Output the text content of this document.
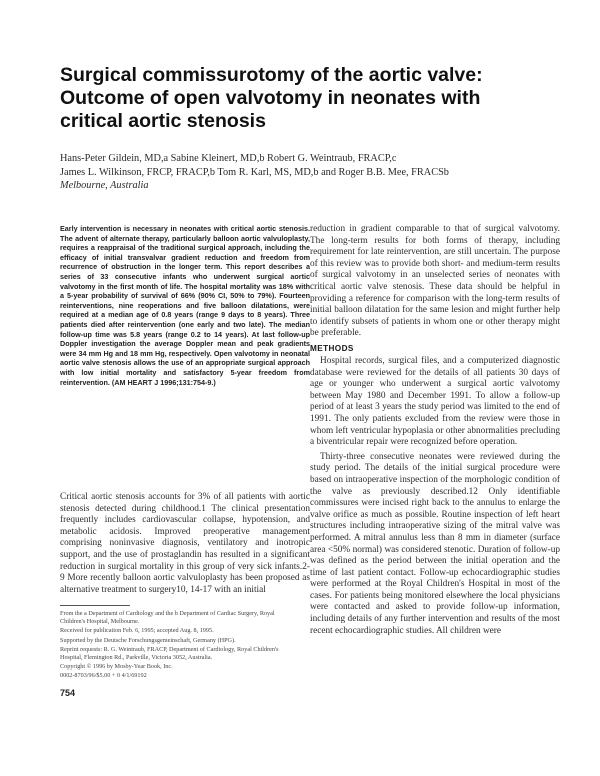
Surgical commissurotomy of the aortic valve:
Outcome of open valvotomy in neonates with
critical aortic stenosis
Hans-Peter Gildein, MD,a Sabine Kleinert, MD,b Robert G. Weintraub, FRACP,c
James L. Wilkinson, FRCP, FRACP,b Tom R. Karl, MS, MD,b and Roger B.B. Mee, FRACSb
Melbourne, Australia
Early intervention is necessary in neonates with critical aortic stenosis. The advent of alternate therapy, particularly balloon aortic valvuloplasty, requires a reappraisal of the traditional surgical approach, including the efficacy of initial transvalvar gradient reduction and freedom from recurrence of obstruction in the longer term. This report describes a series of 33 consecutive infants who underwent surgical aortic valvotomy in the first month of life. The hospital mortality was 18% with a 5-year probability of survival of 66% (90% CI, 50% to 79%). Fourteen reinterventions, nine reoperations and five balloon dilatations, were required at a median age of 0.8 years (range 9 days to 8 years). Three patients died after reintervention (one early and two late). The median follow-up time was 5.8 years (range 0.2 to 14 years). At last follow-up Doppler investigation the average Doppler mean and peak gradients were 34 mm Hg and 18 mm Hg, respectively. Open valvotomy in neonatal aortic valve stenosis allows the use of an appropriate surgical approach with low initial mortality and satisfactory 5-year freedom from reintervention. (AM HEART J 1996;131:754-9.)
Critical aortic stenosis accounts for 3% of all patients with aortic stenosis detected during childhood.1 The clinical presentation frequently includes cardiovascular collapse, hypotension, and metabolic acidosis. Improved preoperative management comprising noninvasive diagnosis, ventilatory and inotropic support, and the use of prostaglandin has resulted in a significant reduction in surgical mortality in this group of very sick infants.2-9 More recently balloon aortic valvuloplasty has been proposed as alternative treatment to surgery10, 14-17 with an initial

reduction in gradient comparable to that of surgical valvotomy. The long-term results for both forms of therapy, including requirement for late reintervention, are still uncertain. The purpose of this review was to provide both short- and medium-term results of surgical valvotomy in an unselected series of neonates with critical aortic valve stenosis. These data should be helpful in providing a reference for comparison with the long-term results of initial balloon dilatation for the same lesion and might further help to identify subsets of patients in whom one or other therapy might be preferable.

METHODS

Hospital records, surgical files, and a computerized diagnostic database were reviewed for the details of all patients 30 days of age or younger who underwent a surgical aortic valvotomy between May 1980 and December 1991. To allow a follow-up period of at least 3 years the study period was limited to the end of 1991. The only patients excluded from the review were those in whom left ventricular hypoplasia or other abnormalities precluding a biventricular repair were recognized before operation.

Thirty-three consecutive neonates were reviewed during the study period. The details of the initial surgical procedure were based on intraoperative inspection of the morphologic condition of the valve as previously described.12 Only identifiable commissures were incised right back to the annulus to enlarge the valve orifice as much as possible. Routine inspection of left heart structures including intraoperative sizing of the mitral valve was performed. A mitral annulus less than 8 mm in diameter (surface area <50% normal) was considered stenotic. Duration of follow-up was defined as the period between the initial operation and the time of last patient contact. Follow-up echocardiographic studies were performed at the Royal Children's Hospital in most of the cases. For patients being monitored elsewhere the local physicians were contacted and asked to provide follow-up information, including details of any further intervention and results of the most recent echocardiographic studies. All children were

From the a Department of Cardiology and the b Department of Cardiac Surgery, Royal Children's Hospital, Melbourne.
Received for publication Feb. 6, 1995; accepted Aug. 8, 1995.
Supported by the Deutsche Forschungsgemeinschaft, Germany (HPG).
Reprint requests: R. G. Weintraub, FRACP, Department of Cardiology, Royal Children's Hospital, Flemington Rd., Parkville, Victoria 3052, Australia.
Copyright © 1996 by Mosby-Year Book, Inc.
0002-8703/96/$5.00 + 0 4/1/69192
754
